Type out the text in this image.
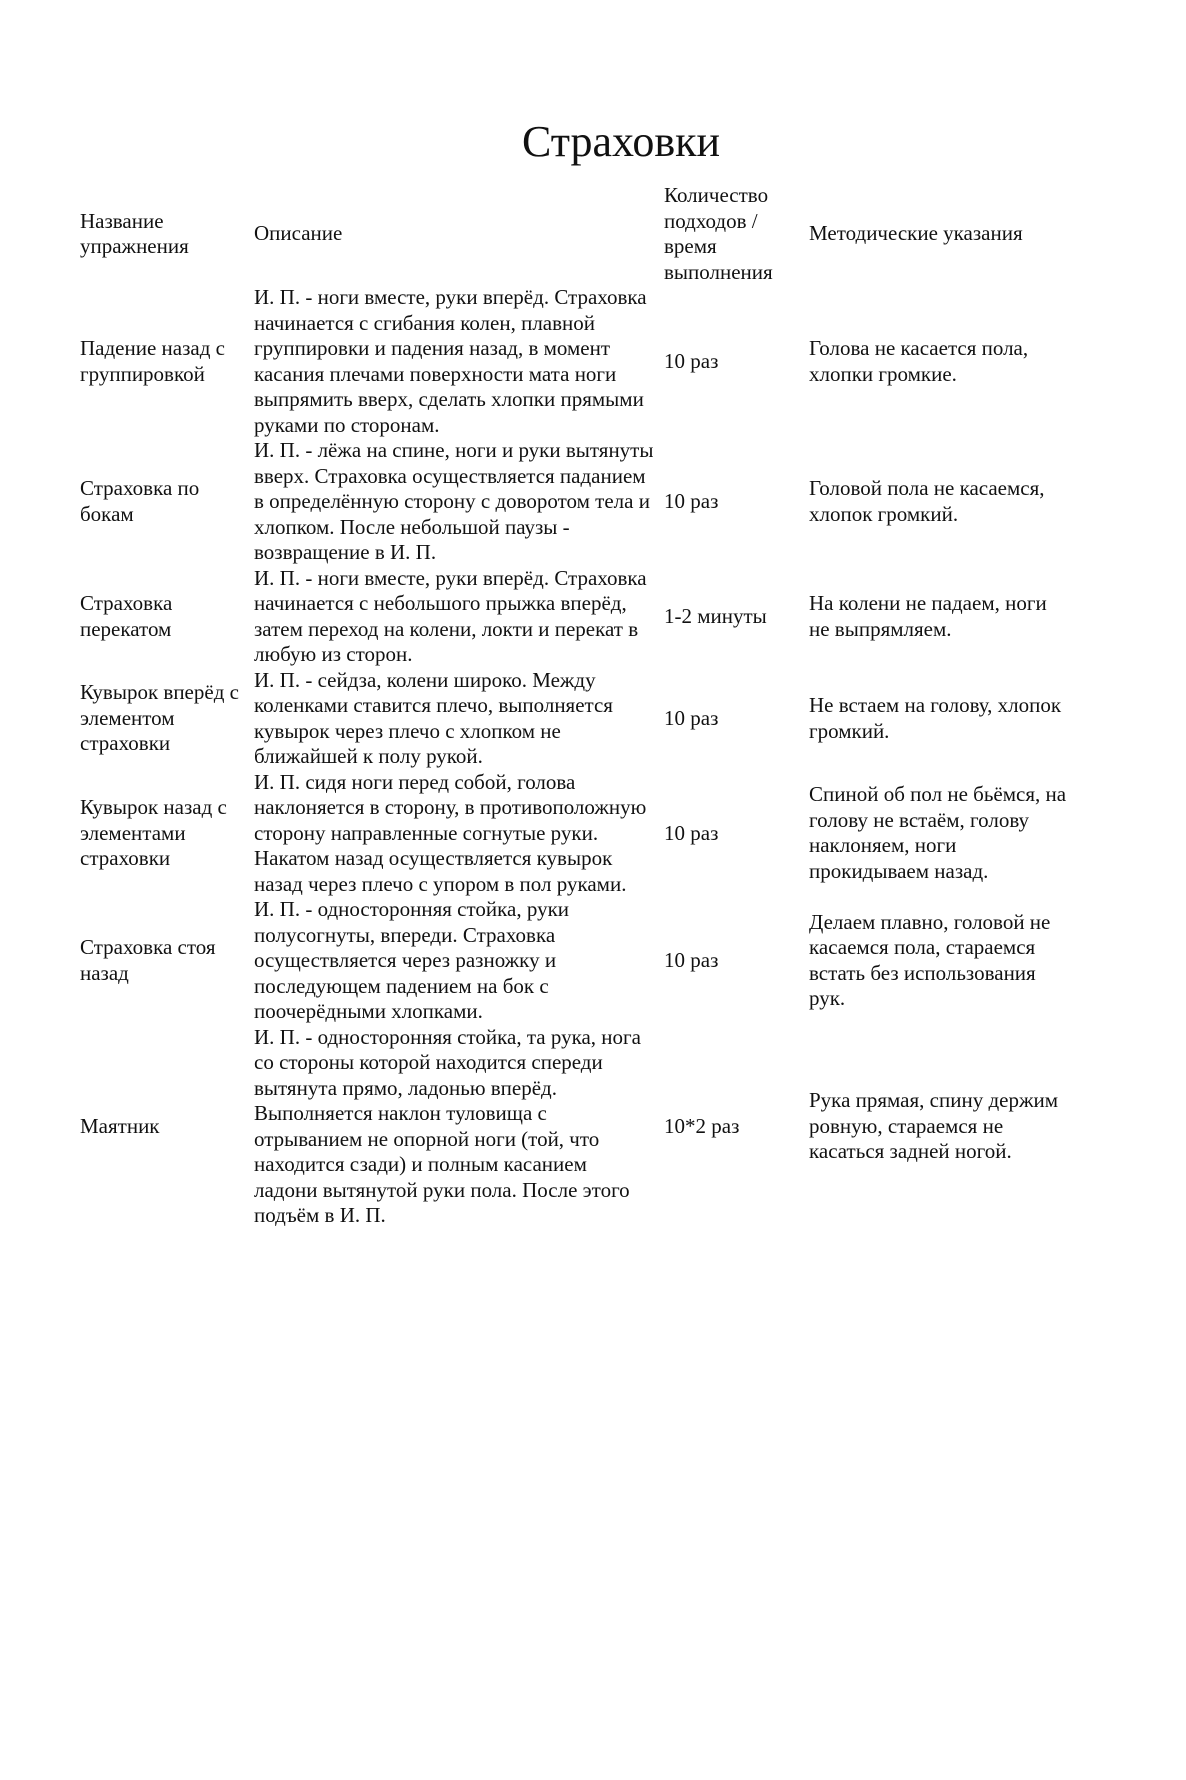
Страховки
Название упражнения	Описание	Количество подходов / время выполнения	Методические указания
Падение назад с группировкой	И. П. - ноги вместе, руки вперёд. Страховка начинается с сгибания колен, плавной группировки и падения назад, в момент касания плечами поверхности мата ноги выпрямить вверх, сделать хлопки прямыми руками по сторонам.	10 раз	Голова не касается пола, хлопки громкие.
Страховка по бокам	И. П. - лёжа на спине, ноги и руки вытянуты вверх. Страховка осуществляется паданием в определённую сторону с доворотом тела и хлопком. После небольшой паузы - возвращение в И. П.	10 раз	Головой пола не касаемся, хлопок громкий.
Страховка перекатом	И. П. - ноги вместе, руки вперёд. Страховка начинается с небольшого прыжка вперёд, затем переход на колени, локти и перекат в любую из сторон.	1-2 минуты	На колени не падаем, ноги не выпрямляем.
Кувырок вперёд с элементом страховки	И. П. - сейдза, колени широко. Между коленками ставится плечо, выполняется кувырок через плечо с хлопком не ближайшей к полу рукой.	10 раз	Не встаем на голову, хлопок громкий.
Кувырок назад с элементами страховки	И. П. сидя ноги перед собой, голова наклоняется в сторону, в противоположную сторону направленные согнутые руки. Накатом назад осуществляется кувырок назад через плечо с упором в пол руками.	10 раз	Спиной об пол не бьёмся, на голову не встаём, голову наклоняем, ноги прокидываем назад.
Страховка стоя назад	И. П. - односторонняя стойка, руки полусогнуты, впереди. Страховка осуществляется через разножку и последующем падением на бок с поочерёдными хлопками.	10 раз	Делаем плавно, головой не касаемся пола, стараемся встать без использования рук.
Маятник	И. П. - односторонняя стойка, та рука, нога со стороны которой находится спереди вытянута прямо, ладонью вперёд. Выполняется наклон туловища с отрыванием не опорной ноги (той, что находится сзади) и полным касанием ладони вытянутой руки пола. После этого подъём в И. П.	10*2 раз	Рука прямая, спину держим ровную, стараемся не касаться задней ногой.
